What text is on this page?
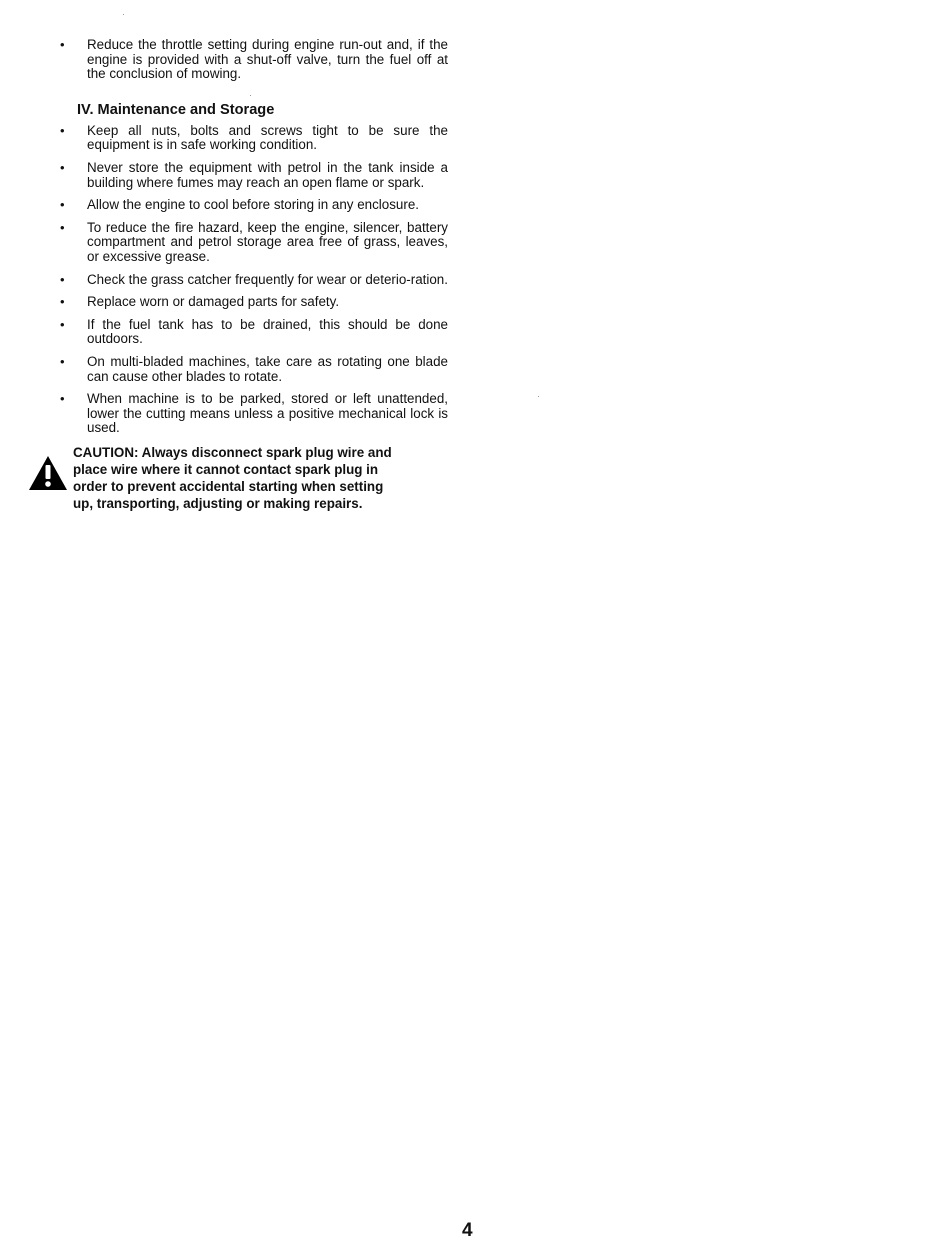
•	Reduce the throttle setting during engine run-out and, if the engine is provided with a shut-off valve, turn the fuel off at the conclusion of mowing.
IV. Maintenance and Storage
•	Keep all nuts, bolts and screws tight to be sure the equipment is in safe working condition.
•	Never store the equipment with petrol in the tank inside a building where fumes may reach an open flame or spark.
•	Allow the engine to cool before storing in any enclosure.
•	To reduce the fire hazard, keep the engine, silencer, battery compartment and petrol storage area free of grass, leaves, or excessive grease.
•	Check the grass catcher frequently for wear or deterio-ration.
•	Replace worn or damaged parts for safety.
•	If the fuel tank has to be drained, this should be done outdoors.
•	On multi-bladed machines, take care as rotating one blade can cause other blades to rotate.
•	When machine is to be parked, stored or left unattended, lower the cutting means unless a positive mechanical lock is used.
CAUTION: Always disconnect spark plug wire and
place wire where it cannot contact spark plug in
order to prevent accidental starting when setting
up, transporting, adjusting or making repairs.
4
